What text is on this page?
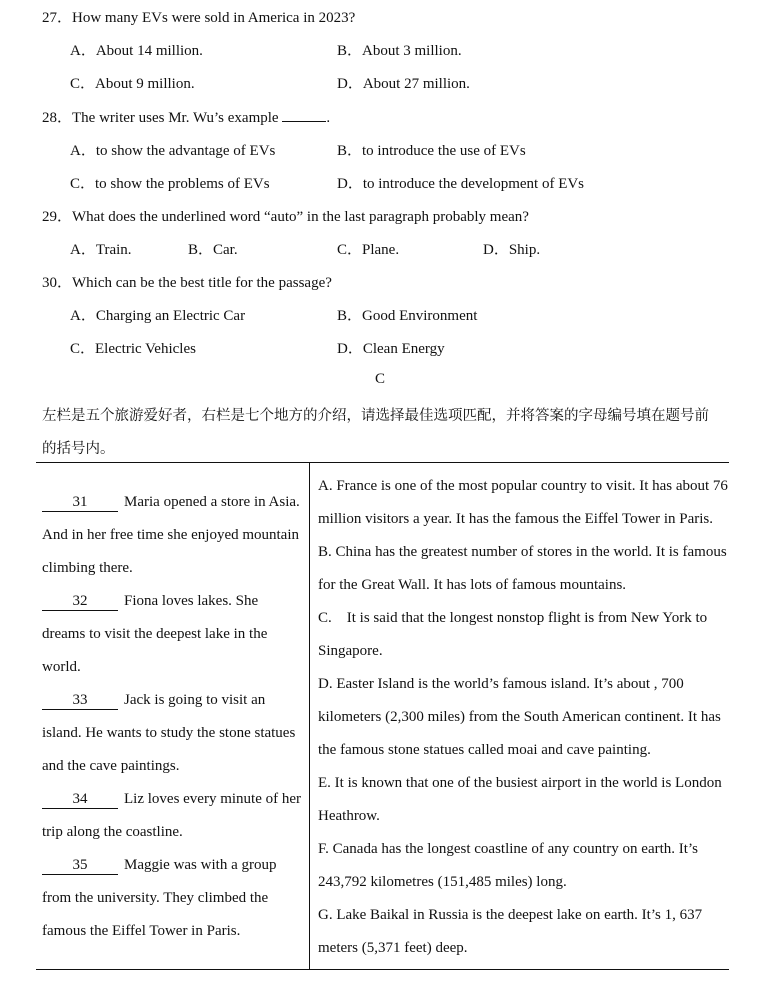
27．How many EVs were sold in America in 2023?
A．About 14 million.	B．About 3 million.
C．About 9 million.	D．About 27 million.
28．The writer uses Mr. Wu’s example	.
A．to show the advantage of EVs	B．to introduce the use of EVs
C．to show the problems of EVs	D．to introduce the development of EVs
29．What does the underlined word “auto” in the last paragraph probably mean?
A．Train.	B．Car.	C．Plane.	D．Ship.
30．Which can be the best title for the passage?
A．Charging an Electric Car	B．Good Environment
C．Electric Vehicles	D．Clean Energy
C
左栏是五个旅游爱好者，右栏是七个地方的介绍，请选择最佳选项匹配，并将答案的字母编号填在题号前
的括号内。
31 Maria opened a store in Asia. And in her free time she enjoyed mountain climbing there.
32 Fiona loves lakes. She dreams to visit the deepest lake in the world.
33 Jack is going to visit an island. He wants to study the stone statues and the cave paintings.
34 Liz loves every minute of her trip along the coastline.
35 Maggie was with a group from the university. They climbed the famous the Eiffel Tower in Paris.
A. France is one of the most popular country to visit. It has about 76 million visitors a year. It has the famous the Eiffel Tower in Paris.
B. China has the greatest number of stores in the world. It is famous for the Great Wall. It has lots of famous mountains.
C.　It is said that the longest nonstop flight is from New York to Singapore.
D. Easter Island is the world’s famous island. It’s about , 700 kilometers (2,300 miles) from the South American continent. It has the famous stone statues called moai and cave painting.
E. It is known that one of the busiest airport in the world is London Heathrow.
F. Canada has the longest coastline of any country on earth. It’s 243,792 kilometres (151,485 miles) long.
G. Lake Baikal in Russia is the deepest lake on earth. It’s 1, 637 meters (5,371 feet) deep.
